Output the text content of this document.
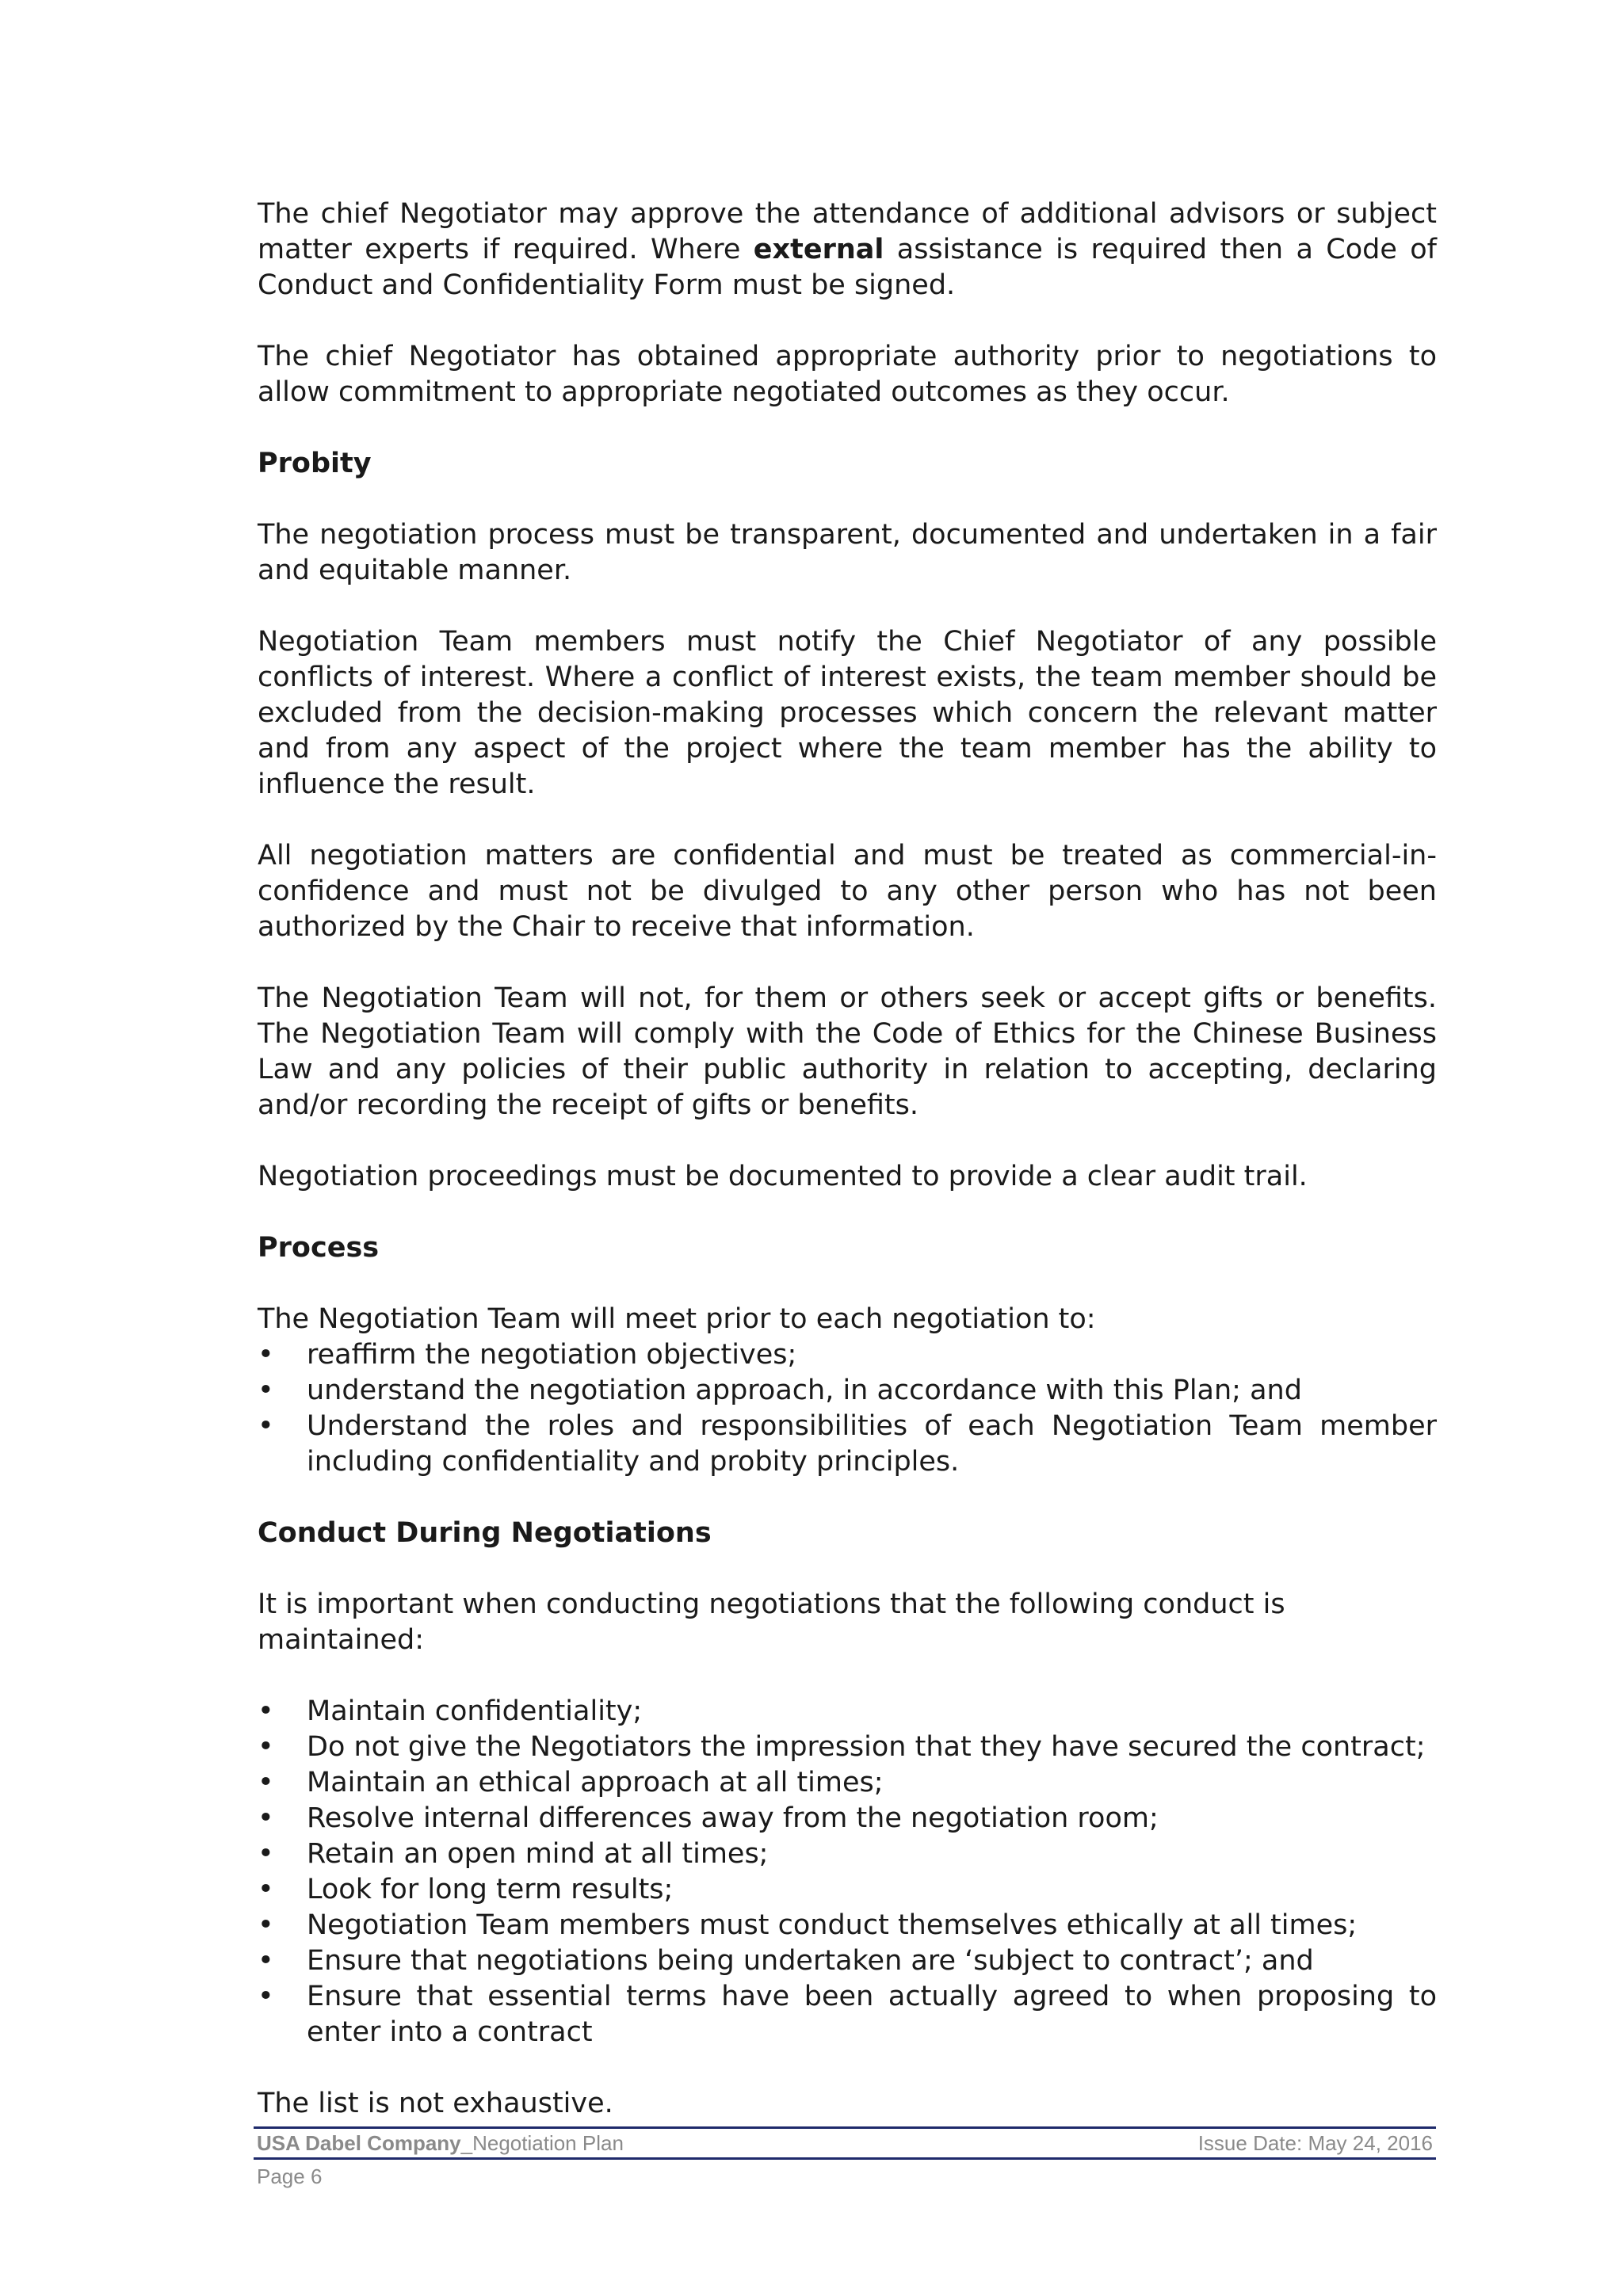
The chief Negotiator may approve the attendance of additional advisors or subject matter experts if required. Where external assistance is required then a Code of Conduct and Confidentiality Form must be signed.

The chief Negotiator has obtained appropriate authority prior to negotiations to allow commitment to appropriate negotiated outcomes as they occur.

Probity

The negotiation process must be transparent, documented and undertaken in a fair and equitable manner.

Negotiation Team members must notify the Chief Negotiator of any possible conflicts of interest. Where a conflict of interest exists, the team member should be excluded from the decision-making processes which concern the relevant matter and from any aspect of the project where the team member has the ability to influence the result.

All negotiation matters are confidential and must be treated as commercial-in-confidence and must not be divulged to any other person who has not been authorized by the Chair to receive that information.

The Negotiation Team will not, for them or others seek or accept gifts or benefits. The Negotiation Team will comply with the Code of Ethics for the Chinese Business Law and any policies of their public authority in relation to accepting, declaring and/or recording the receipt of gifts or benefits.

Negotiation proceedings must be documented to provide a clear audit trail.

Process

The Negotiation Team will meet prior to each negotiation to:

•	reaffirm the negotiation objectives;
•	understand the negotiation approach, in accordance with this Plan; and
•	Understand the roles and responsibilities of each Negotiation Team member including confidentiality and probity principles.
Conduct During Negotiations

It is important when conducting negotiations that the following conduct is maintained:

•	Maintain confidentiality;
•	Do not give the Negotiators the impression that they have secured the contract;
•	Maintain an ethical approach at all times;
•	Resolve internal differences away from the negotiation room;
•	Retain an open mind at all times;
•	Look for long term results;
•	Negotiation Team members must conduct themselves ethically at all times;
•	Ensure that negotiations being undertaken are ‘subject to contract’; and
•	Ensure that essential terms have been actually agreed to when proposing to enter into a contract

The list is not exhaustive.

USA Dabel Company_Negotiation Plan	Issue Date: May 24, 2016
Page 6
